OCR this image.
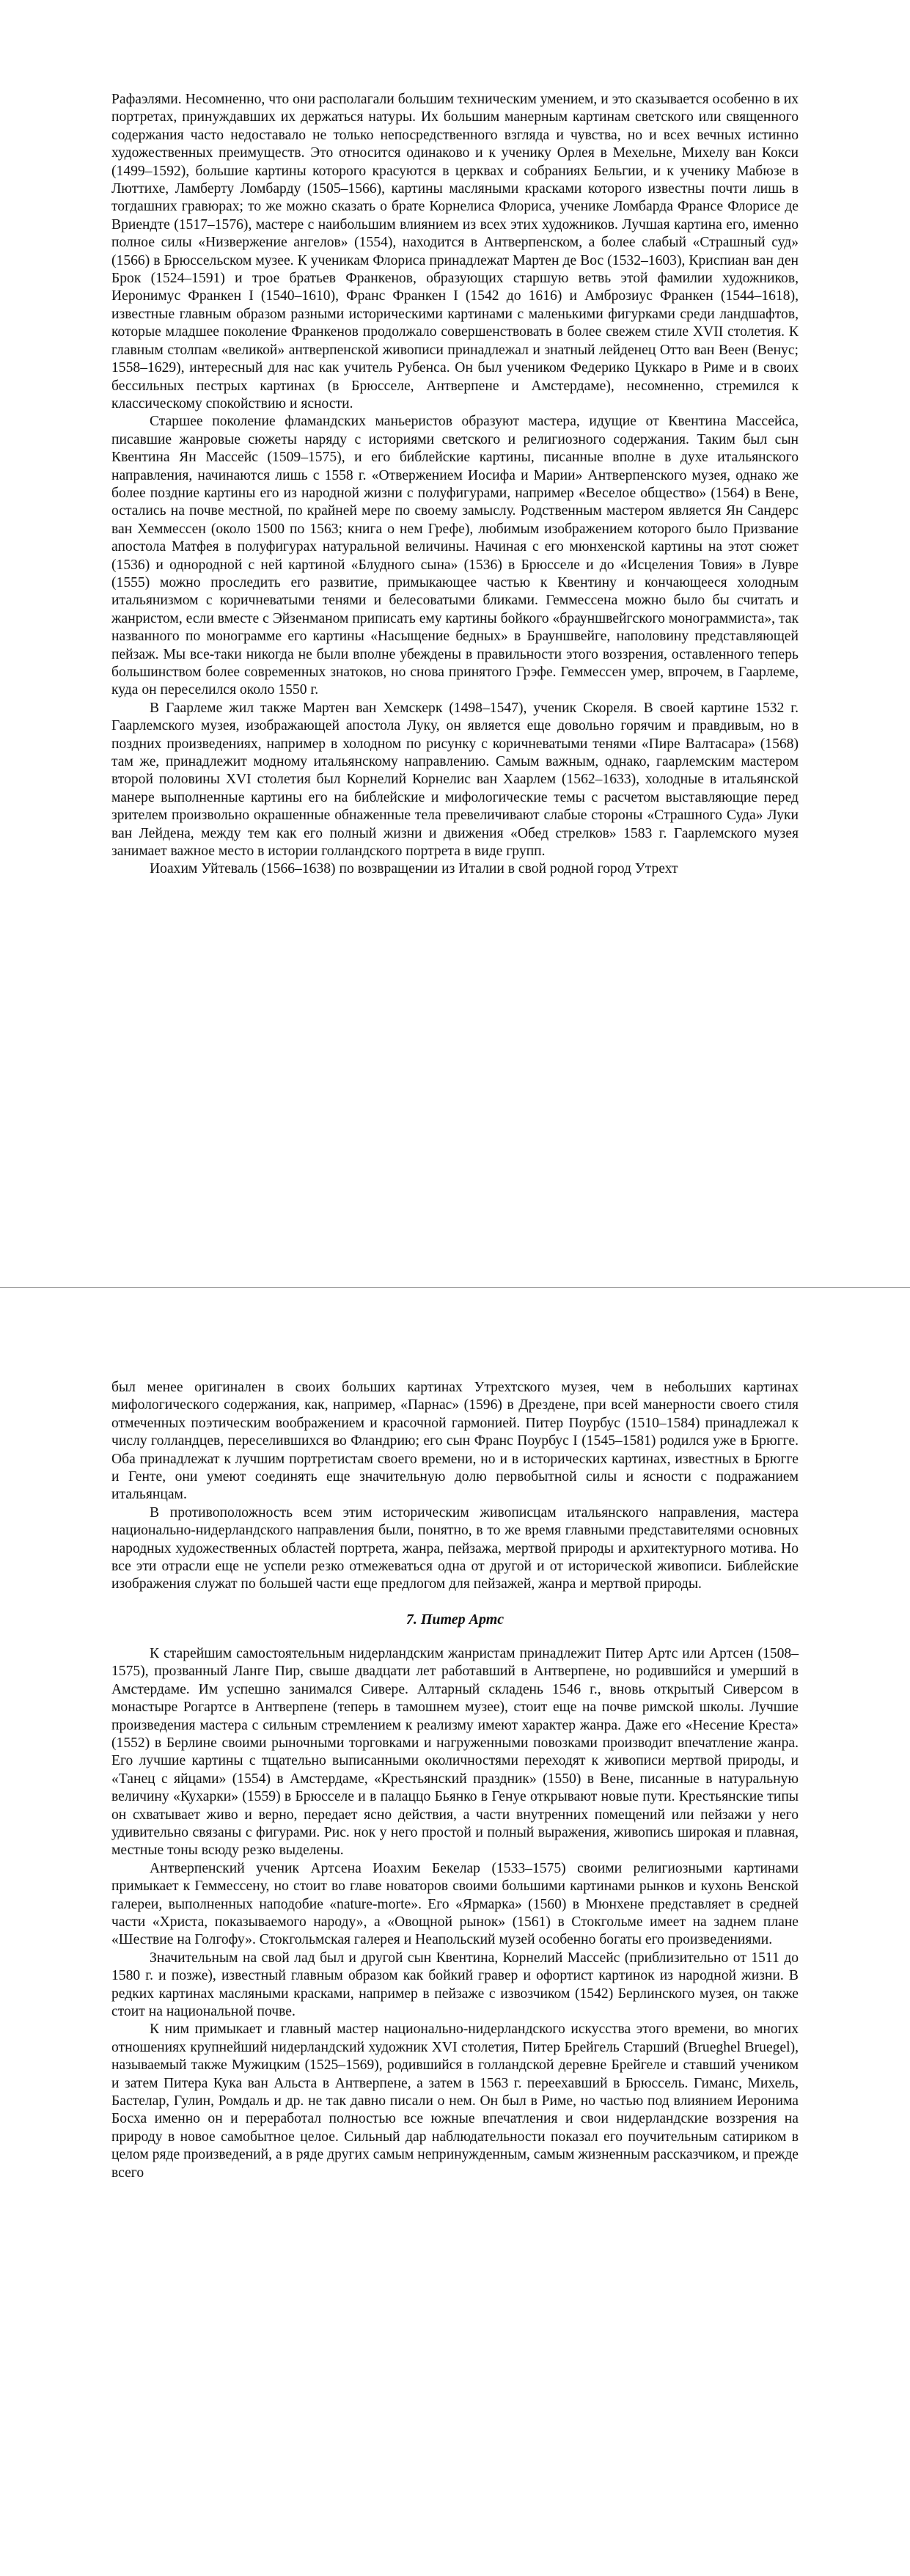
Рафаэлями. Несомненно, что они располагали большим техническим умением, и это сказывается особенно в их портретах, принуждавших их держаться натуры. Их большим манерным картинам светского или священного содержания часто недоставало не только непосредственного взгляда и чувства, но и всех вечных истинно художественных преимуществ. Это относится одинаково и к ученику Орлея в Мехельне, Михелу ван Кокси (1499–1592), большие картины которого красуются в церквах и собраниях Бельгии, и к ученику Мабюзе в Люттихе, Ламберту Ломбарду (1505–1566), картины масляными красками которого известны почти лишь в тогдашних гравюрах; то же можно сказать о брате Корнелиса Флориса, ученике Ломбарда Франсе Флорисе де Вриендте (1517–1576), мастере с наибольшим влиянием из всех этих художников. Лучшая картина его, именно полное силы «Низвержение ангелов» (1554), находится в Антверпенском, а более слабый «Страшный суд» (1566) в Брюссельском музее. К ученикам Флориса принадлежат Мартен де Вос (1532–1603), Криспиан ван ден Брок (1524–1591) и трое братьев Франкенов, образующих старшую ветвь этой фамилии художников, Иеронимус Франкен I (1540–1610), Франс Франкен I (1542 до 1616) и Амброзиус Франкен (1544–1618), известные главным образом разными историческими картинами с маленькими фигурками среди ландшафтов, которые младшее поколение Франкенов продолжало совершенствовать в более свежем стиле XVII столетия. К главным столпам «великой» антверпенской живописи принадлежал и знатный лейденец Отто ван Веен (Венус; 1558–1629), интересный для нас как учитель Рубенса. Он был учеником Федерико Цуккаро в Риме и в своих бессильных пестрых картинах (в Брюсселе, Антверпене и Амстердаме), несомненно, стремился к классическому спокойствию и ясности.

Старшее поколение фламандских маньеристов образуют мастера, идущие от Квентина Массейса, писавшие жанровые сюжеты наряду с историями светского и религиозного содержания. Таким был сын Квентина Ян Массейс (1509–1575), и его библейские картины, писанные вполне в духе итальянского направления, начинаются лишь с 1558 г. «Отвержением Иосифа и Марии» Антверпенского музея, однако же более поздние картины его из народной жизни с полуфигурами, например «Веселое общество» (1564) в Вене, остались на почве местной, по крайней мере по своему замыслу. Родственным мастером является Ян Сандерс ван Хеммессен (около 1500 по 1563; книга о нем Грефе), любимым изображением которого было Призвание апостола Матфея в полуфигурах натуральной величины. Начиная с его мюнхенской картины на этот сюжет (1536) и однородной с ней картиной «Блудного сына» (1536) в Брюсселе и до «Исцеления Товия» в Лувре (1555) можно проследить его развитие, примыкающее частью к Квентину и кончающееся холодным итальянизмом с коричневатыми тенями и белесоватыми бликами. Геммессена можно было бы считать и жанристом, если вместе с Эйзенманом приписать ему картины бойкого «брауншвейгского монограммиста», так названного по монограмме его картины «Насыщение бедных» в Брауншвейге, наполовину представляющей пейзаж. Мы все-таки никогда не были вполне убеждены в правильности этого воззрения, оставленного теперь большинством более современных знатоков, но снова принятого Грэфе. Геммессен умер, впрочем, в Гаарлеме, куда он переселился около 1550 г.

В Гаарлеме жил также Мартен ван Хемскерк (1498–1547), ученик Скореля. В своей картине 1532 г. Гаарлемского музея, изображающей апостола Луку, он является еще довольно горячим и правдивым, но в поздних произведениях, например в холодном по рисунку с коричневатыми тенями «Пире Валтасара» (1568) там же, принадлежит модному итальянскому направлению. Самым важным, однако, гаарлемским мастером второй половины XVI столетия был Корнелий Корнелис ван Хаарлем (1562–1633), холодные в итальянской манере выполненные картины его на библейские и мифологические темы с расчетом выставляющие перед зрителем произвольно окрашенные обнаженные тела превеличивают слабые стороны «Страшного Суда» Луки ван Лейдена, между тем как его полный жизни и движения «Обед стрелков» 1583 г. Гаарлемского музея занимает важное место в истории голландского портрета в виде групп.

Иоахим Уйтеваль (1566–1638) по возвращении из Италии в свой родной город Утрехт

был менее оригинален в своих больших картинах Утрехтского музея, чем в небольших картинах мифологического содержания, как, например, «Парнас» (1596) в Дрездене, при всей манерности своего стиля отмеченных поэтическим воображением и красочной гармонией. Питер Поурбус (1510–1584) принадлежал к числу голландцев, переселившихся во Фландрию; его сын Франс Поурбус I (1545–1581) родился уже в Брюгге. Оба принадлежат к лучшим портретистам своего времени, но и в исторических картинах, известных в Брюгге и Генте, они умеют соединять еще значительную долю первобытной силы и ясности с подражанием итальянцам.

В противоположность всем этим историческим живописцам итальянского направления, мастера национально-нидерландского направления были, понятно, в то же время главными представителями основных народных художественных областей портрета, жанра, пейзажа, мертвой природы и архитектурного мотива. Но все эти отрасли еще не успели резко отмежеваться одна от другой и от исторической живописи. Библейские изображения служат по большей части еще предлогом для пейзажей, жанра и мертвой природы.

7. Питер Артс

К старейшим самостоятельным нидерландским жанристам принадлежит Питер Артс или Артсен (1508–1575), прозванный Ланге Пир, свыше двадцати лет работавший в Антверпене, но родившийся и умерший в Амстердаме. Им успешно занимался Сивере. Алтарный складень 1546 г., вновь открытый Сиверсом в монастыре Рогартсе в Антверпене (теперь в тамошнем музее), стоит еще на почве римской школы. Лучшие произведения мастера с сильным стремлением к реализму имеют характер жанра. Даже его «Несение Креста» (1552) в Берлине своими рыночными торговками и нагруженными повозками производит впечатление жанра. Его лучшие картины с тщательно выписанными околичностями переходят к живописи мертвой природы, и «Танец с яйцами» (1554) в Амстердаме, «Крестьянский праздник» (1550) в Вене, писанные в натуральную величину «Кухарки» (1559) в Брюсселе и в палаццо Бьянко в Генуе открывают новые пути. Крестьянские типы он схватывает живо и верно, передает ясно действия, а части внутренних помещений или пейзажи у него удивительно связаны с фигурами. Рис. нок у него простой и полный выражения, живопись широкая и плавная, местные тоны всюду резко выделены.

Антверпенский ученик Артсена Иоахим Бекелар (1533–1575) своими религиозными картинами примыкает к Геммессену, но стоит во главе новаторов своими большими картинами рынков и кухонь Венской галереи, выполненных наподобие «nature-morte». Его «Ярмарка» (1560) в Мюнхене представляет в средней части «Христа, показываемого народу», а «Овощной рынок» (1561) в Стокгольме имеет на заднем плане «Шествие на Голгофу». Стокгольмская галерея и Неапольский музей особенно богаты его произведениями.

Значительным на свой лад был и другой сын Квентина, Корнелий Массейс (приблизительно от 1511 до 1580 г. и позже), известный главным образом как бойкий гравер и офортист картинок из народной жизни. В редких картинах масляными красками, например в пейзаже с извозчиком (1542) Берлинского музея, он также стоит на национальной почве.

К ним примыкает и главный мастер национально-нидерландского искусства этого времени, во многих отношениях крупнейший нидерландский художник XVI столетия, Питер Брейгель Старший (Brueghel Bruegel), называемый также Мужицким (1525–1569), родившийся в голландской деревне Брейгеле и ставший учеником и затем Питера Кука ван Альста в Антверпене, а затем в 1563 г. переехавший в Брюссель. Гиманс, Михель, Бастелар, Гулин, Ромдаль и др. не так давно писали о нем. Он был в Риме, но частью под влиянием Иеронима Босха именно он и переработал полностью все южные впечатления и свои нидерландские воззрения на природу в новое самобытное целое. Сильный дар наблюдательности показал его поучительным сатириком в целом ряде произведений, а в ряде других самым непринужденным, самым жизненным рассказчиком, и прежде всего
